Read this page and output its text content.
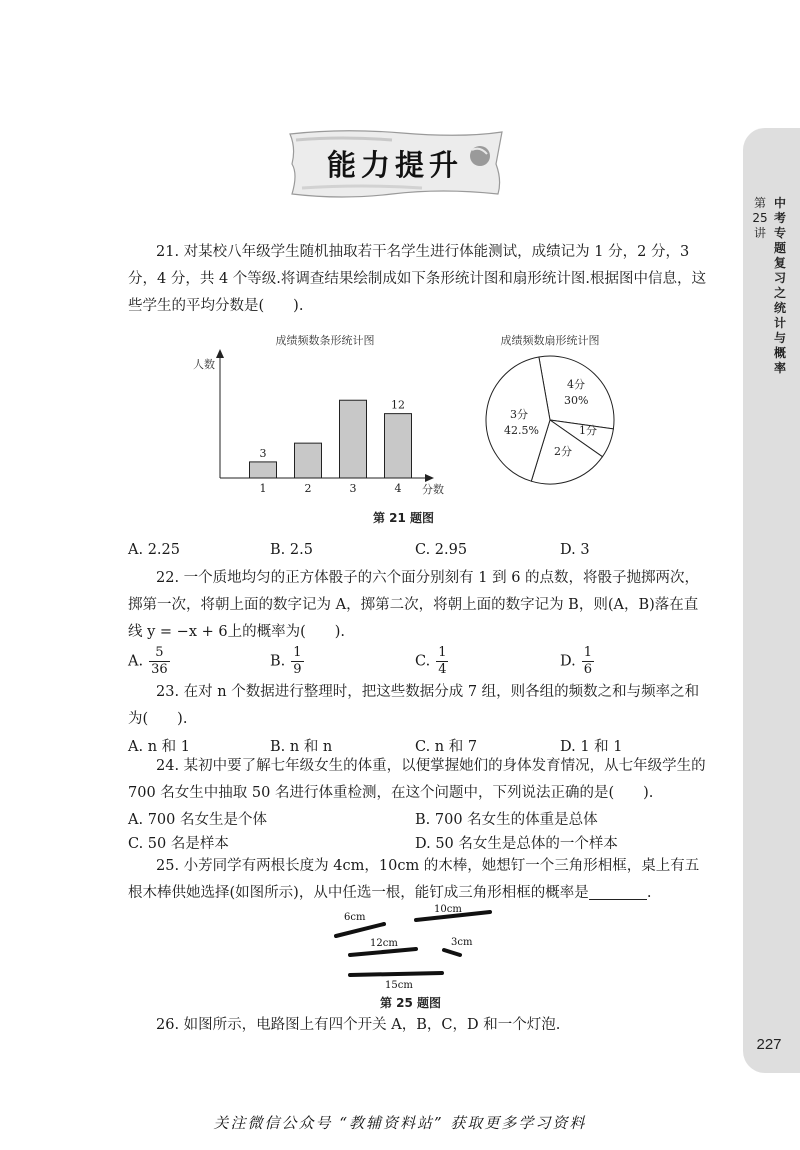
第
25
讲
中考专题复习之统计与概率
227
能力提升
21. 对某校八年级学生随机抽取若干名学生进行体能测试，成绩记为 1 分，2 分，3 分，4 分，共 4 个等级.将调查结果绘制成如下条形统计图和扇形统计图.根据图中信息，这些学生的平均分数是(　　).
成绩频数条形统计图
人数
分数
1
3
2	3	4
12
成绩频数扇形统计图
4分
30%
3分
42.5%	1分
2分
第 21 题图
A. 2.25	B. 2.5	C. 2.95	D. 3
22. 一个质地均匀的正方体骰子的六个面分别刻有 1 到 6 的点数，将骰子抛掷两次，掷第一次，将朝上面的数字记为 A，掷第二次，将朝上面的数字记为 B，则(A，B)落在直线 y = −x + 6上的概率为(　　).
A. $\frac{5}{36}$	B. $\frac{1}{9}$	C. $\frac{1}{4}$	D. $\frac{1}{6}$
23. 在对 n 个数据进行整理时，把这些数据分成 7 组，则各组的频数之和与频率之和为(　　).
A. n 和 1	B. n 和 n	C. n 和 7	D. 1 和 1
24. 某初中要了解七年级女生的体重，以便掌握她们的身体发育情况，从七年级学生的 700 名女生中抽取 50 名进行体重检测，在这个问题中，下列说法正确的是(　　).
A. 700 名女生是个体	B. 700 名女生的体重是总体
C. 50 名是样本	D. 50 名女生是总体的一个样本
25. 小芳同学有两根长度为 4cm，10cm 的木棒，她想钉一个三角形相框，桌上有五根木棒供她选择(如图所示)，从中任选一根，能钉成三角形相框的概率是	.
6cm
10cm
12cm	3cm
15cm
第 25 题图
26. 如图所示，电路图上有四个开关 A，B，C，D 和一个灯泡.
关注微信公众号 “教辅资料站” 获取更多学习资料
